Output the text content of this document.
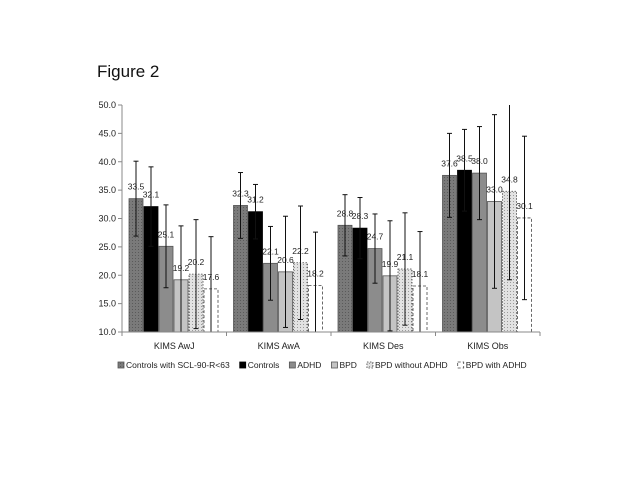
Figure 2
10.0
15.0
20.0
25.0
30.0
35.0
40.0
45.0
50.0
33.5
32.1
25.1
19.2
20.2
17.6
32.3
31.2
22.1
20.6
22.2
18.2
28.8
28.3
24.7
19.9
21.1
18.1
37.6
38.5
38.0
33.0
34.8
30.1
KIMS AwJ	KIMS AwA	KIMS Des	KIMS Obs
Controls with SCL-90-R<63 Controls ADHD BPD BPD without ADHD BPD with ADHD
